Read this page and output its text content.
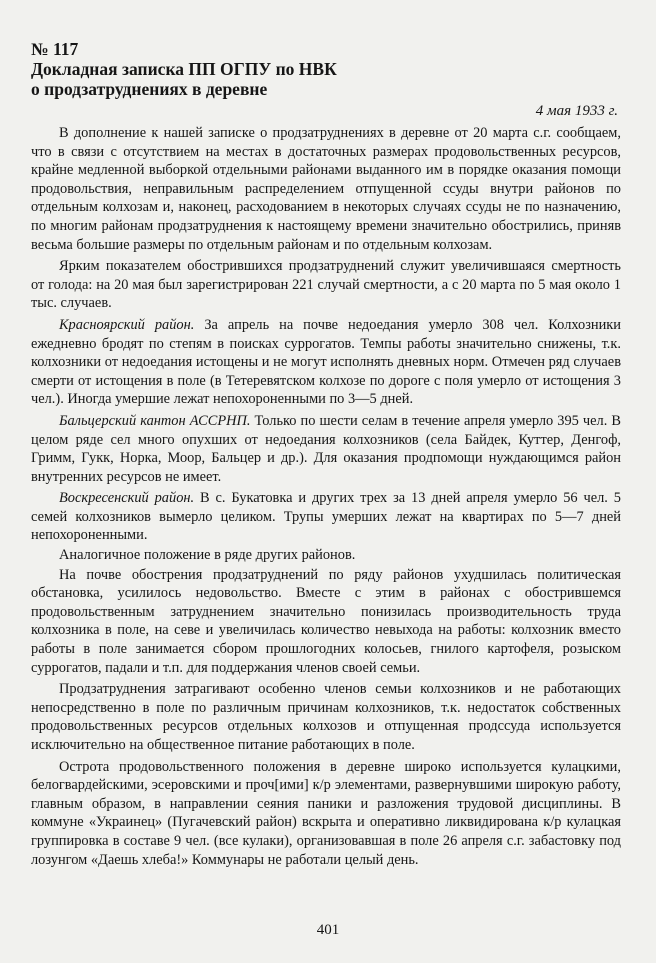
№ 117
Докладная записка ПП ОГПУ по НВК
о продзатруднениях в деревне
4 мая 1933 г.

В дополнение к нашей записке о продзатруднениях в деревне от 20 марта с.г. сообщаем, что в связи с отсутствием на местах в достаточных размерах продовольственных ресурсов, крайне медленной выборкой отдельными районами выданного им в порядке оказания помощи продовольствия, неправильным распределением отпущенной ссуды внутри районов по отдельным колхозам и, наконец, расходованием в некоторых случаях ссуды не по назначению, по многим районам продзатруднения к настоящему времени значительно обострились, приняв весьма большие размеры по отдельным районам и по отдельным колхозам.

Ярким показателем обострившихся продзатруднений служит увеличившаяся смертность от голода: на 20 мая был зарегистрирован 221 случай смертности, а с 20 марта по 5 мая около 1 тыс. случаев.

Красноярский район. За апрель на почве недоедания умерло 308 чел. Колхозники ежедневно бродят по степям в поисках суррогатов. Темпы работы значительно снижены, т.к. колхозники от недоедания истощены и не могут исполнять дневных норм. Отмечен ряд случаев смерти от истощения в поле (в Тетеревятском колхозе по дороге с поля умерло от истощения 3 чел.). Иногда умершие лежат непохороненными по 3—5 дней.

Бальцерский кантон АССРНП. Только по шести селам в течение апреля умерло 395 чел. В целом ряде сел много опухших от недоедания колхозников (села Байдек, Куттер, Денгоф, Гримм, Гукк, Норка, Моор, Бальцер и др.). Для оказания продпомощи нуждающимся район внутренних ресурсов не имеет.

Воскресенский район. В с. Букатовка и других трех за 13 дней апреля умерло 56 чел. 5 семей колхозников вымерло целиком. Трупы умерших лежат на квартирах по 5—7 дней непохороненными.

Аналогичное положение в ряде других районов.

На почве обострения продзатруднений по ряду районов ухудшилась политическая обстановка, усилилось недовольство. Вместе с этим в районах с обострившемся продовольственным затруднением значительно понизилась производительность труда колхозника в поле, на севе и увеличилась количество невыхода на работы: колхозник вместо работы в поле занимается сбором прошлогодних колосьев, гнилого картофеля, розыском суррогатов, падали и т.п. для поддержания членов своей семьи.

Продзатруднения затрагивают особенно членов семьи колхозников и не работающих непосредственно в поле по различным причинам колхозников, т.к. недостаток собственных продовольственных ресурсов отдельных колхозов и отпущенная продссуда используется исключительно на общественное питание работающих в поле.

Острота продовольственного положения в деревне широко используется кулацкими, белогвардейскими, эсеровскими и проч[ими] к/р элементами, развернувшими широкую работу, главным образом, в направлении сеяния паники и разложения трудовой дисциплины. В коммуне «Украинец» (Пугачевский район) вскрыта и оперативно ликвидирована к/р кулацкая группировка в составе 9 чел. (все кулаки), организовавшая в поле 26 апреля с.г. забастовку под лозунгом «Даешь хлеба!» Коммунары не работали целый день.

401
